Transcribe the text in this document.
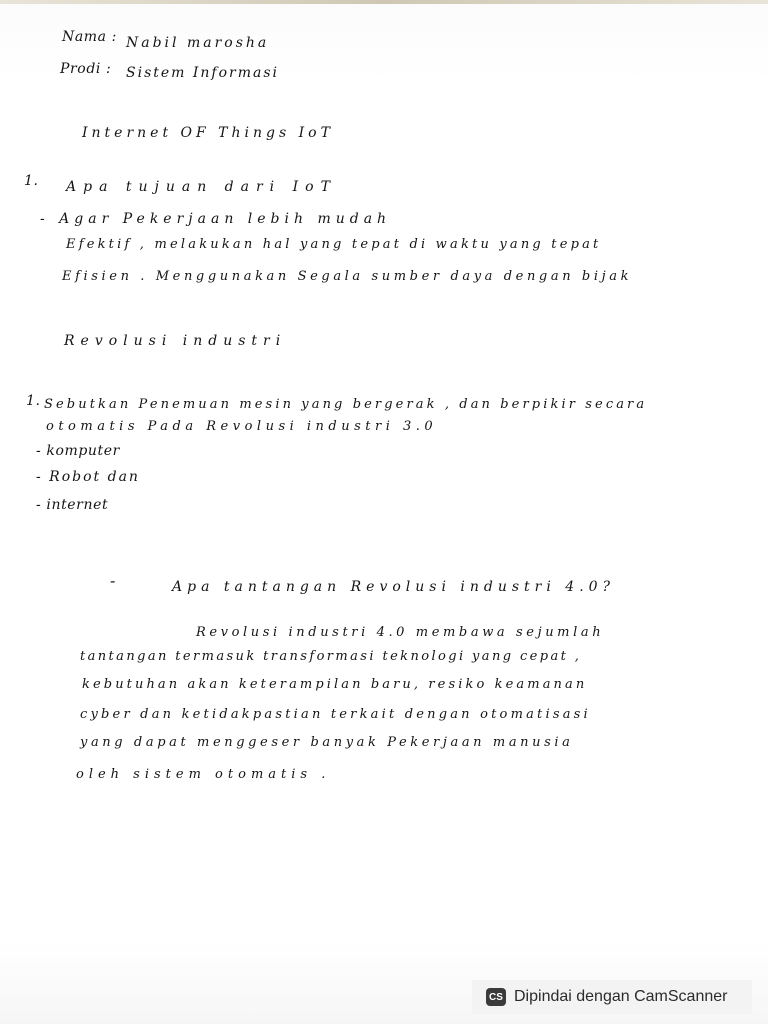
Nama : Nabil marosha
Prodi : Sistem Informasi
Internet OF Things IoT
1. Apa tujuan dari IoT
- Agar Pekerjaan lebih mudah
Efektif , melakukan hal yang tepat di waktu yang tepat
Efisien . Menggunakan Segala sumber daya dengan bijak
Revolusi industri
1. Sebutkan Penemuan mesin yang bergerak , dan berpikir secara
otomatis Pada Revolusi industri 3.0
- komputer
- Robot dan
- internet
-	Apa tantangan Revolusi industri 4.0?
Revolusi industri 4.0 membawa sejumlah
tantangan termasuk transformasi teknologi yang cepat ,
kebutuhan akan keterampilan baru, resiko keamanan
cyber dan ketidakpastian terkait dengan otomatisasi
yang dapat menggeser banyak Pekerjaan manusia
oleh sistem otomatis .
CS Dipindai dengan CamScanner
